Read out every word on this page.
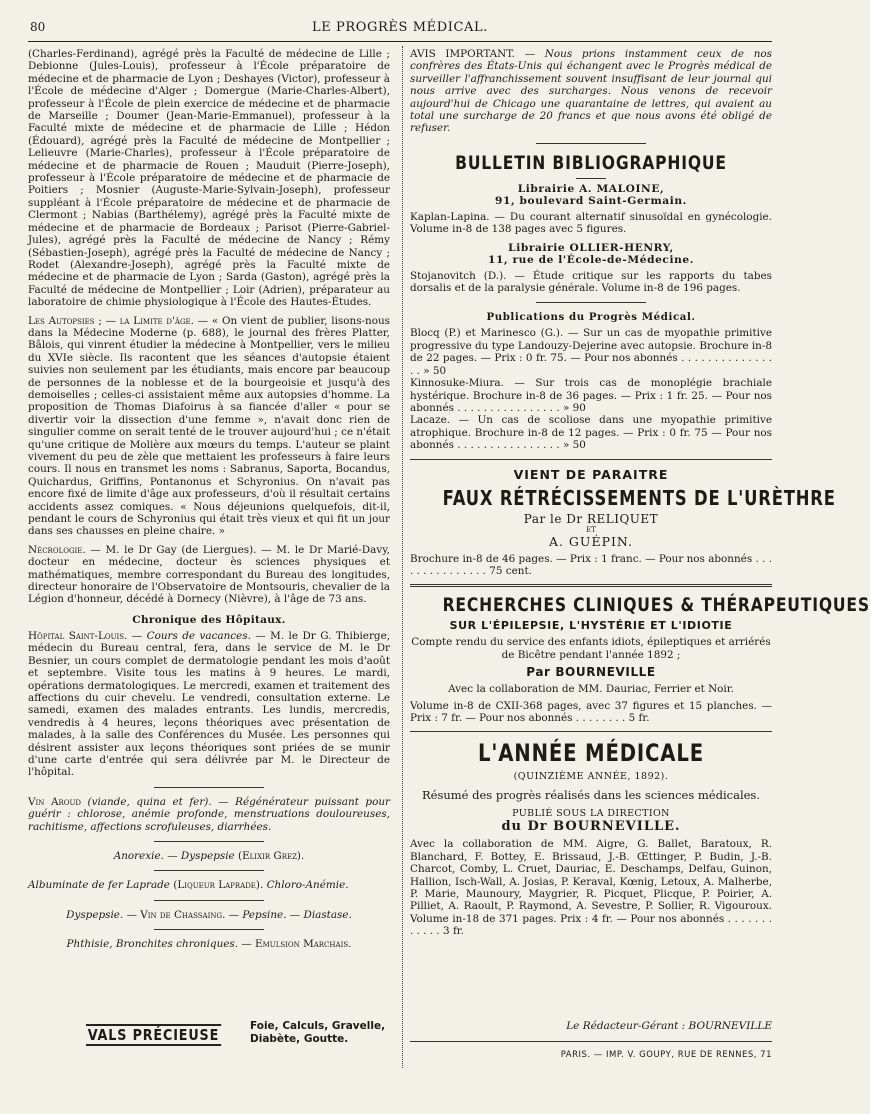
80	LE PROGRÈS MÉDICAL.

(Charles-Ferdinand), agrégé près la Faculté de médecine de Lille ; Debionne (Jules-Louis), professeur à l'École préparatoire de médecine et de pharmacie de Lyon ; Deshayes (Victor), professeur à l'École de médecine d'Alger ; Domergue (Marie-Charles-Albert), professeur à l'École de plein exercice de médecine et de pharmacie de Marseille ; Doumer (Jean-Marie-Emmanuel), professeur à la Faculté mixte de médecine et de pharmacie de Lille ; Hédon (Édouard), agrégé près la Faculté de médecine de Montpellier ; Lelieuvre (Marie-Charles), professeur à l'École préparatoire de médecine et de pharmacie de Rouen ; Mauduit (Pierre-Joseph), professeur à l'École préparatoire de médecine et de pharmacie de Poitiers ; Mosnier (Auguste-Marie-Sylvain-Joseph), professeur suppléant à l'École préparatoire de médecine et de pharmacie de Clermont ; Nabias (Barthélemy), agrégé près la Faculté mixte de médecine et de pharmacie de Bordeaux ; Parisot (Pierre-Gabriel-Jules), agrégé près la Faculté de médecine de Nancy ; Rémy (Sébastien-Joseph), agrégé près la Faculté de médecine de Nancy ; Rodet (Alexandre-Joseph), agrégé près la Faculté mixte de médecine et de pharmacie de Lyon ; Sarda (Gaston), agrégé près la Faculté de médecine de Montpellier ; Loir (Adrien), préparateur au laboratoire de chimie physiologique à l'École des Hautes-Études.

Les Autopsies ; — la Limite d'âge. — « On vient de publier, lisons-nous dans la Médecine Moderne (p. 688), le journal des frères Platter, Bâlois, qui vinrent étudier la médecine à Montpellier, vers le milieu du XVIe siècle. Ils racontent que les séances d'autopsie étaient suivies non seulement par les étudiants, mais encore par beaucoup de personnes de la noblesse et de la bourgeoisie et jusqu'à des demoiselles ; celles-ci assistaient même aux autopsies d'homme. La proposition de Thomas Diafoirus à sa fiancée d'aller « pour se divertir voir la dissection d'une femme », n'avait donc rien de singulier comme on serait tenté de le trouver aujourd'hui ; ce n'était qu'une critique de Molière aux mœurs du temps. L'auteur se plaint vivement du peu de zèle que mettaient les professeurs à faire leurs cours. Il nous en transmet les noms : Sabranus, Saporta, Bocandus, Quichardus, Griffins, Pontanonus et Schyronius. On n'avait pas encore fixé de limite d'âge aux professeurs, d'où il résultait certains accidents assez comiques. « Nous déjeunions quelquefois, dit-il, pendant le cours de Schyronius qui était très vieux et qui fit un jour dans ses chausses en pleine chaire. »

Nécrologie. — M. le Dr Gay (de Liergues). — M. le Dr Marié-Davy, docteur en médecine, docteur ès sciences physiques et mathématiques, membre correspondant du Bureau des longitudes, directeur honoraire de l'Observatoire de Montsouris, chevalier de la Légion d'honneur, décédé à Dornecy (Nièvre), à l'âge de 73 ans.

Chronique des Hôpitaux.

Hôpital Saint-Louis. — Cours de vacances. — M. le Dr G. Thibierge, médecin du Bureau central, fera, dans le service de M. le Dr Besnier, un cours complet de dermatologie pendant les mois d'août et septembre. Visite tous les matins à 9 heures. Le mardi, opérations dermatologiques. Le mercredi, examen et traitement des affections du cuir chevelu. Le vendredi, consultation externe. Le samedi, examen des malades entrants. Les lundis, mercredis, vendredis à 4 heures, leçons théoriques avec présentation de malades, à la salle des Conférences du Musée. Les personnes qui désirent assister aux leçons théoriques sont priées de se munir d'une carte d'entrée qui sera délivrée par M. le Directeur de l'hôpital.

Vin Aroud (viande, quina et fer). — Régénérateur puissant pour guérir : chlorose, anémie profonde, menstruations douloureuses, rachitisme, affections scrofuleuses, diarrhées.

Anorexie. — Dyspepsie (Elixir Grez).

Albuminate de fer Laprade (Liqueur Laprade). Chloro-Anémie.

Dyspepsie. — Vin de Chassaing. — Pepsine. — Diastase.

Phthisie, Bronchites chroniques. — Emulsion Marchais.

VALS PRÉCIEUSE	Foie, Calculs, Gravelle,
Diabète, Goutte.

AVIS IMPORTANT. — Nous prions instamment ceux de nos confrères des États-Unis qui échangent avec le Progrès médical de surveiller l'affranchissement souvent insuffisant de leur journal qui nous arrive avec des surcharges. Nous venons de recevoir aujourd'hui de Chicago une quarantaine de lettres, qui avaient au total une surcharge de 20 francs et que nous avons été obligé de refuser.

BULLETIN BIBLIOGRAPHIQUE
Librairie A. MALOINE,
91, boulevard Saint-Germain.

Kaplan-Lapina. — Du courant alternatif sinusoïdal en gynécologie. Volume in-8 de 138 pages avec 5 figures.

Librairie OLLIER-HENRY,
11, rue de l'École-de-Médecine.

Stojanovitch (D.). — Étude critique sur les rapports du tabes dorsalis et de la paralysie générale. Volume in-8 de 196 pages.

Publications du Progrès Médical.

Blocq (P.) et Marinesco (G.). — Sur un cas de myopathie primitive progressive du type Landouzy-Dejerine avec autopsie. Brochure in-8 de 22 pages. — Prix : 0 fr. 75. — Pour nos abonnés . . . . . . . . . . . . . . . . » 50

Kinnosuke-Miura. — Sur trois cas de monoplégie brachiale hystérique. Brochure in-8 de 36 pages. — Prix : 1 fr. 25. — Pour nos abonnés . . . . . . . . . . . . . . . . » 90

Lacaze. — Un cas de scoliose dans une myopathie primitive atrophique. Brochure in-8 de 12 pages. — Prix : 0 fr. 75 — Pour nos abonnés . . . . . . . . . . . . . . . . » 50

VIENT DE PARAITRE
FAUX RÉTRÉCISSEMENTS DE L'URÈTHRE
Par le Dr RELIQUET
ET
A. GUÉPIN.

Brochure in-8 de 46 pages. — Prix : 1 franc. — Pour nos abonnés . . . . . . . . . . . . . . . 75 cent.

RECHERCHES CLINIQUES & THÉRAPEUTIQUES
SUR L'ÉPILEPSIE, L'HYSTÉRIE ET L'IDIOTIE

Compte rendu du service des enfants idiots, épileptiques et arriérés de Bicêtre pendant l'année 1892 ;

Par BOURNEVILLE

Avec la collaboration de MM. Dauriac, Ferrier et Noir.

Volume in-8 de CXII-368 pages, avec 37 figures et 15 planches. — Prix : 7 fr. — Pour nos abonnés . . . . . . . . 5 fr.

L'ANNÉE MÉDICALE
(QUINZIÈME ANNÉE, 1892).
Résumé des progrès réalisés dans les sciences médicales.
PUBLIÉ SOUS LA DIRECTION
du Dr BOURNEVILLE.

Avec la collaboration de MM. Aigre, G. Ballet, Baratoux, R. Blanchard, F. Bottey, E. Brissaud, J.-B. Œttinger, P. Budin, J.-B. Charcot, Comby, L. Cruet, Dauriac, E. Deschamps, Delfau, Guinon, Hallion, Isch-Wall, A. Josias, P. Keraval, Kœnig, Letoux, A. Malherbe, P. Marie, Maunoury, Maygrier, R. Picquet, Plicque, P. Poirier, A. Pilliet, A. Raoult, P. Raymond, A. Sevestre, P. Sollier, R. Vigouroux. Volume in-18 de 371 pages. Prix : 4 fr. — Pour nos abonnés . . . . . . . . . . . . 3 fr.

Le Rédacteur-Gérant : BOURNEVILLE
PARIS. — IMP. V. GOUPY, RUE DE RENNES, 71
